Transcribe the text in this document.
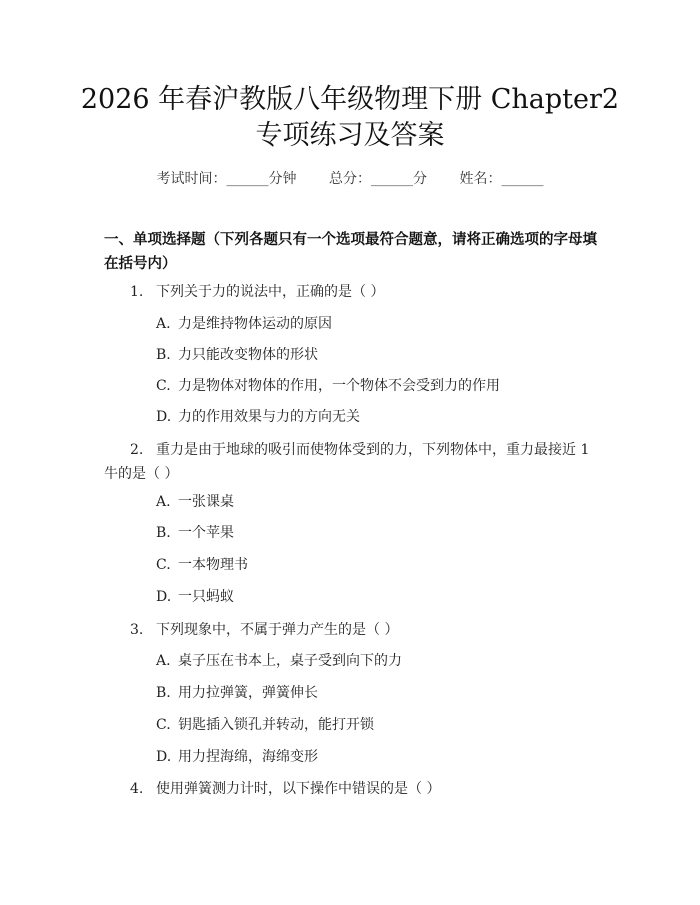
2026 年春沪教版八年级物理下册 Chapter2
专项练习及答案
考试时间：______分钟 总分：______分 姓名：______
一、单项选择题（下列各题只有一个选项最符合题意，请将正确选项的字母填在括号内）
1. 下列关于力的说法中，正确的是（ ）
A. 力是维持物体运动的原因
B. 力只能改变物体的形状
C. 力是物体对物体的作用，一个物体不会受到力的作用
D. 力的作用效果与力的方向无关
2. 重力是由于地球的吸引而使物体受到的力，下列物体中，重力最接近 1 牛的是（ ）
A. 一张课桌
B. 一个苹果
C. 一本物理书
D. 一只蚂蚁
3. 下列现象中，不属于弹力产生的是（ ）
A. 桌子压在书本上，桌子受到向下的力
B. 用力拉弹簧，弹簧伸长
C. 钥匙插入锁孔并转动，能打开锁
D. 用力捏海绵，海绵变形
4. 使用弹簧测力计时，以下操作中错误的是（ ）
